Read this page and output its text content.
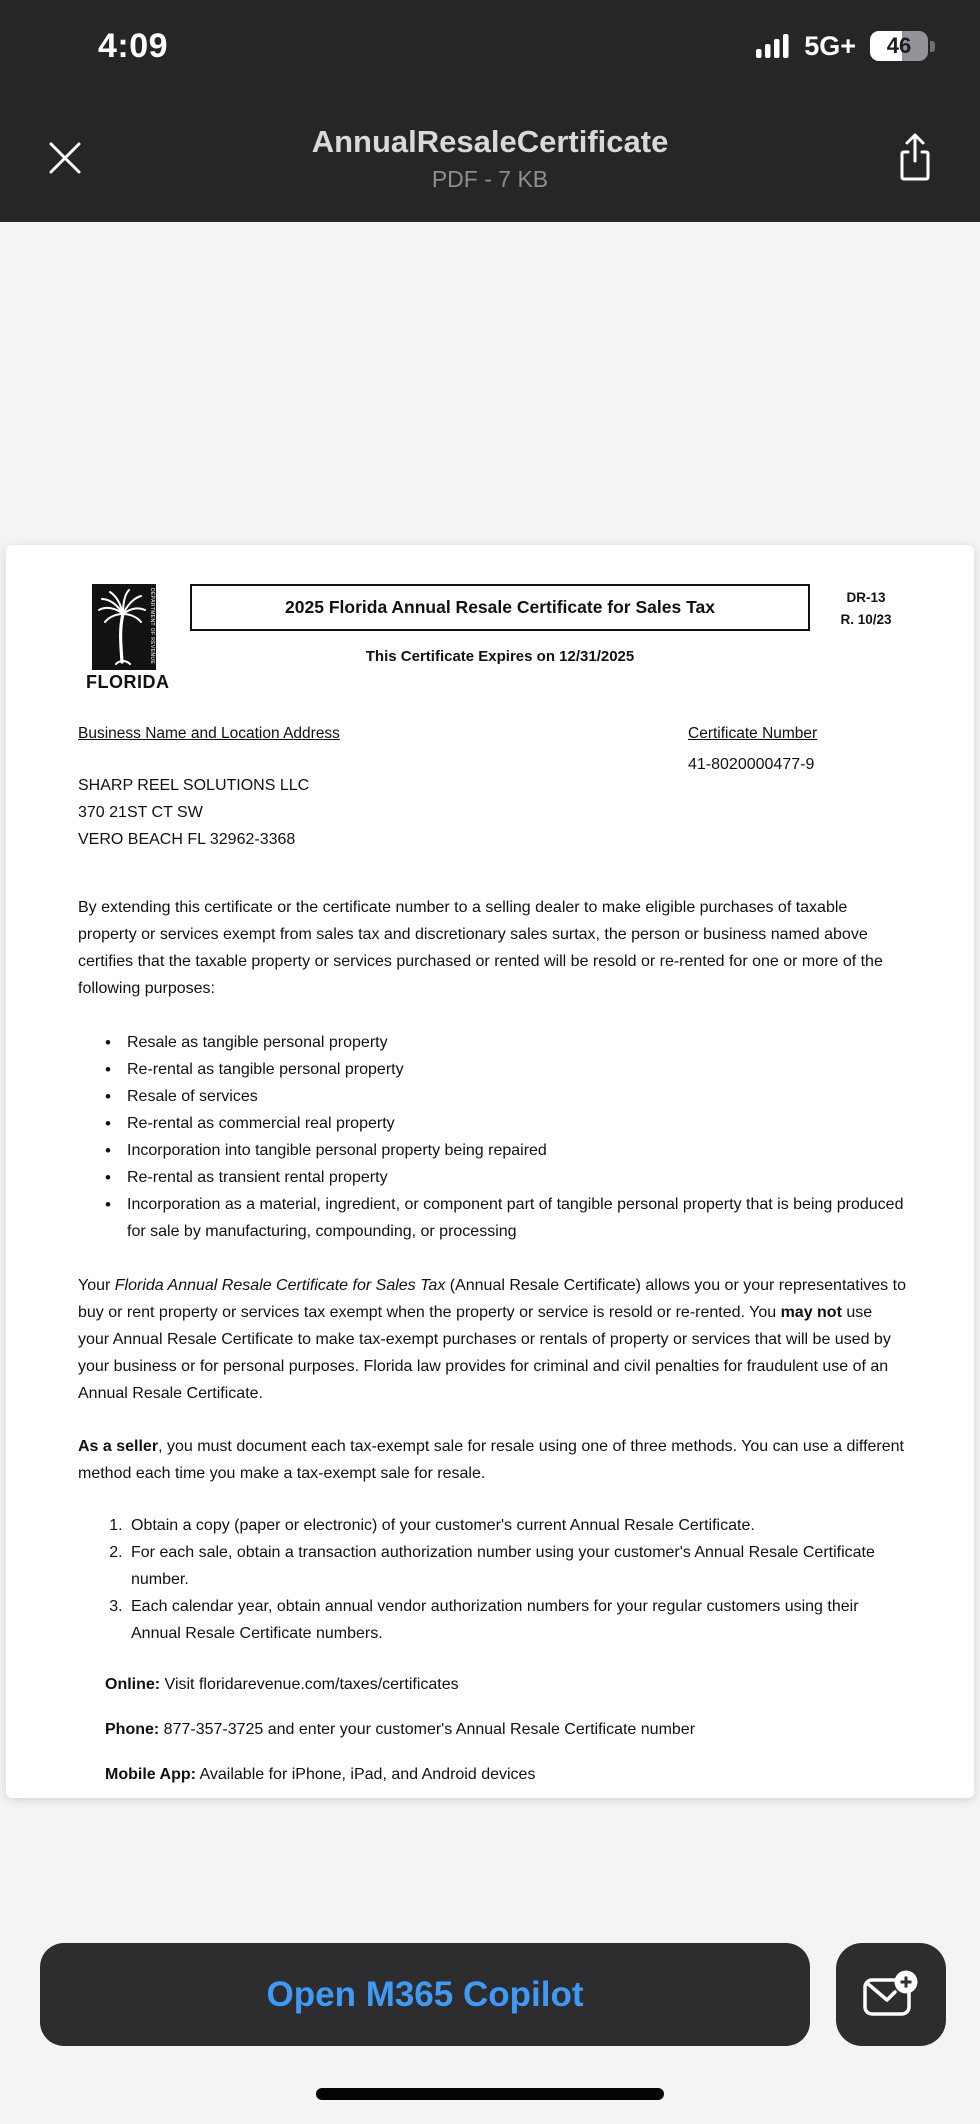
4:09	5G+ 46
AnnualResaleCertificate
PDF - 7 KB
DEPARTMENT OF REVENUE
FLORIDA
2025 Florida Annual Resale Certificate for Sales Tax
This Certificate Expires on 12/31/2025
DR-13
R. 10/23
Business Name and Location Address
SHARP REEL SOLUTIONS LLC
370 21ST CT SW
VERO BEACH FL 32962-3368
Certificate Number
41-8020000477-9

By extending this certificate or the certificate number to a selling dealer to make eligible purchases of taxable property or services exempt from sales tax and discretionary sales surtax, the person or business named above certifies that the taxable property or services purchased or rented will be resold or re-rented for one or more of the following purposes:

• Resale as tangible personal property
• Re-rental as tangible personal property
• Resale of services
• Re-rental as commercial real property
• Incorporation into tangible personal property being repaired
• Re-rental as transient rental property
• Incorporation as a material, ingredient, or component part of tangible personal property that is being produced for sale by manufacturing, compounding, or processing

Your Florida Annual Resale Certificate for Sales Tax (Annual Resale Certificate) allows you or your representatives to buy or rent property or services tax exempt when the property or service is resold or re-rented. You may not use your Annual Resale Certificate to make tax-exempt purchases or rentals of property or services that will be used by your business or for personal purposes. Florida law provides for criminal and civil penalties for fraudulent use of an Annual Resale Certificate.

As a seller, you must document each tax-exempt sale for resale using one of three methods. You can use a different method each time you make a tax-exempt sale for resale.

1. Obtain a copy (paper or electronic) of your customer's current Annual Resale Certificate.
2. For each sale, obtain a transaction authorization number using your customer's Annual Resale Certificate number.
3. Each calendar year, obtain annual vendor authorization numbers for your regular customers using their Annual Resale Certificate numbers.

Online: Visit floridarevenue.com/taxes/certificates

Phone: 877-357-3725 and enter your customer's Annual Resale Certificate number

Mobile App: Available for iPhone, iPad, and Android devices

Open M365 Copilot
